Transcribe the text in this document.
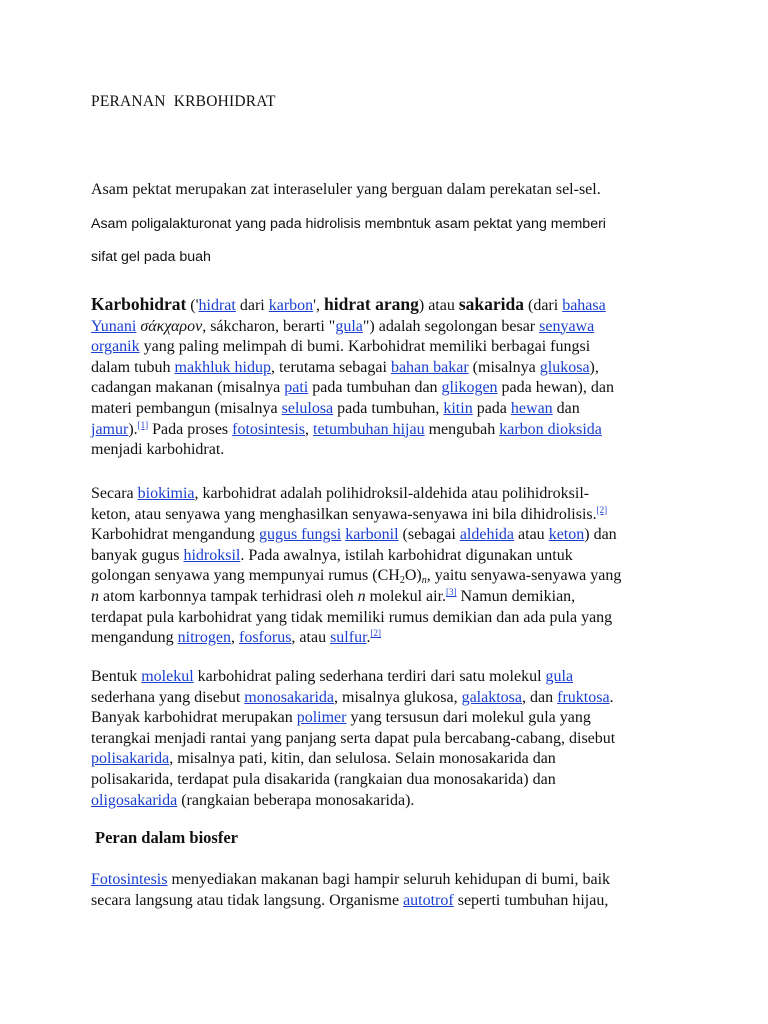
PERANAN  KRBOHIDRAT
Asam pektat merupakan zat interaseluler yang berguan dalam perekatan sel-sel.
Asam poligalakturonat yang pada hidrolisis membntuk asam pektat yang memberi
sifat gel pada buah
Karbohidrat ('hidrat dari karbon', hidrat arang) atau sakarida (dari bahasa
Yunani σάκχαρον, sákcharon, berarti "gula") adalah segolongan besar senyawa
organik yang paling melimpah di bumi. Karbohidrat memiliki berbagai fungsi
dalam tubuh makhluk hidup, terutama sebagai bahan bakar (misalnya glukosa),
cadangan makanan (misalnya pati pada tumbuhan dan glikogen pada hewan), dan
materi pembangun (misalnya selulosa pada tumbuhan, kitin pada hewan dan
jamur).[1] Pada proses fotosintesis, tetumbuhan hijau mengubah karbon dioksida
menjadi karbohidrat.
Secara biokimia, karbohidrat adalah polihidroksil-aldehida atau polihidroksil-
keton, atau senyawa yang menghasilkan senyawa-senyawa ini bila dihidrolisis.[2]
Karbohidrat mengandung gugus fungsi karbonil (sebagai aldehida atau keton) dan
banyak gugus hidroksil. Pada awalnya, istilah karbohidrat digunakan untuk
golongan senyawa yang mempunyai rumus $(CH_2O)_n$, yaitu senyawa-senyawa yang
n atom karbonnya tampak terhidrasi oleh n molekul air.[3] Namun demikian,
terdapat pula karbohidrat yang tidak memiliki rumus demikian dan ada pula yang
mengandung nitrogen, fosforus, atau sulfur.[2]
Bentuk molekul karbohidrat paling sederhana terdiri dari satu molekul gula
sederhana yang disebut monosakarida, misalnya glukosa, galaktosa, dan fruktosa.
Banyak karbohidrat merupakan polimer yang tersusun dari molekul gula yang
terangkai menjadi rantai yang panjang serta dapat pula bercabang-cabang, disebut
polisakarida, misalnya pati, kitin, dan selulosa. Selain monosakarida dan
polisakarida, terdapat pula disakarida (rangkaian dua monosakarida) dan
oligosakarida (rangkaian beberapa monosakarida).
Peran dalam biosfer
Fotosintesis menyediakan makanan bagi hampir seluruh kehidupan di bumi, baik
secara langsung atau tidak langsung. Organisme autotrof seperti tumbuhan hijau,
